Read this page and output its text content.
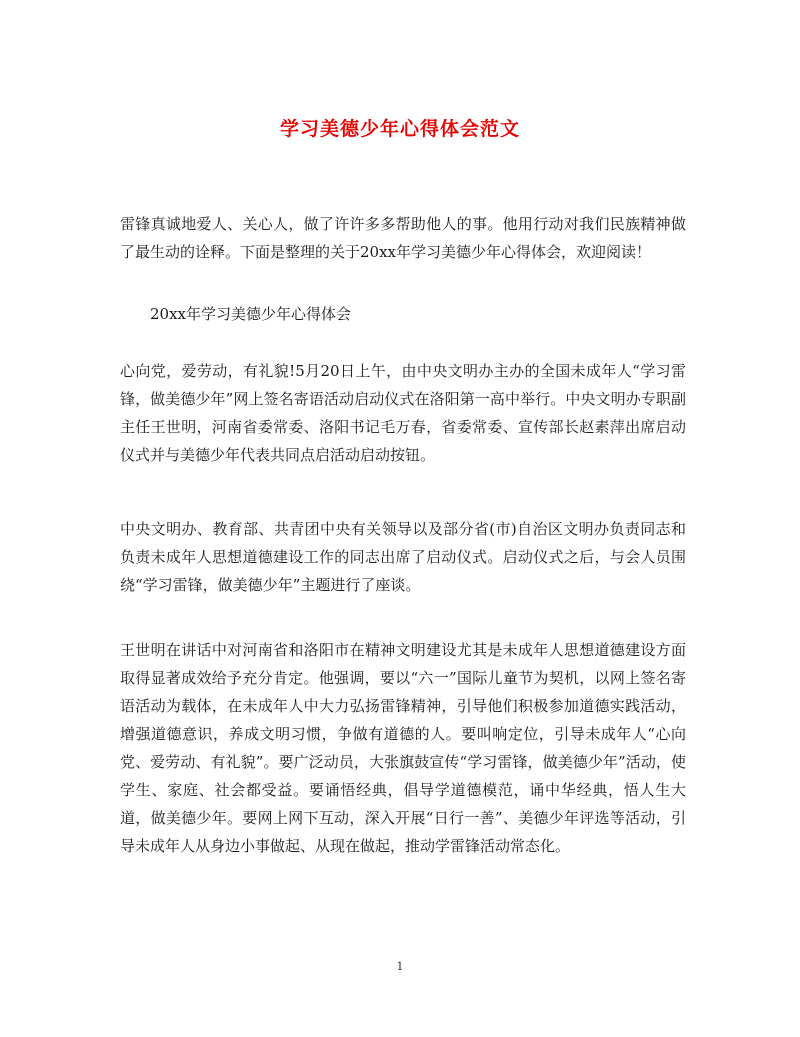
学习美德少年心得体会范文

雷锋真诚地爱人、关心人，做了许许多多帮助他人的事。他用行动对我们民族精神做了最生动的诠释。下面是整理的关于20xx年学习美德少年心得体会，欢迎阅读！

20xx年学习美德少年心得体会

心向党，爱劳动，有礼貌!5月20日上午，由中央文明办主办的全国未成年人“学习雷锋，做美德少年”网上签名寄语活动启动仪式在洛阳第一高中举行。中央文明办专职副主任王世明，河南省委常委、洛阳书记毛万春，省委常委、宣传部长赵素萍出席启动仪式并与美德少年代表共同点启活动启动按钮。

中央文明办、教育部、共青团中央有关领导以及部分省(市)自治区文明办负责同志和负责未成年人思想道德建设工作的同志出席了启动仪式。启动仪式之后，与会人员围绕“学习雷锋，做美德少年”主题进行了座谈。

王世明在讲话中对河南省和洛阳市在精神文明建设尤其是未成年人思想道德建设方面取得显著成效给予充分肯定。他强调，要以“六一”国际儿童节为契机，以网上签名寄语活动为载体，在未成年人中大力弘扬雷锋精神，引导他们积极参加道德实践活动，增强道德意识，养成文明习惯，争做有道德的人。要叫响定位，引导未成年人“心向党、爱劳动、有礼貌”。要广泛动员，大张旗鼓宣传“学习雷锋，做美德少年”活动，使学生、家庭、社会都受益。要诵悟经典，倡导学道德模范，诵中华经典，悟人生大道，做美德少年。要网上网下互动，深入开展“日行一善”、美德少年评选等活动，引导未成年人从身边小事做起、从现在做起，推动学雷锋活动常态化。

1
